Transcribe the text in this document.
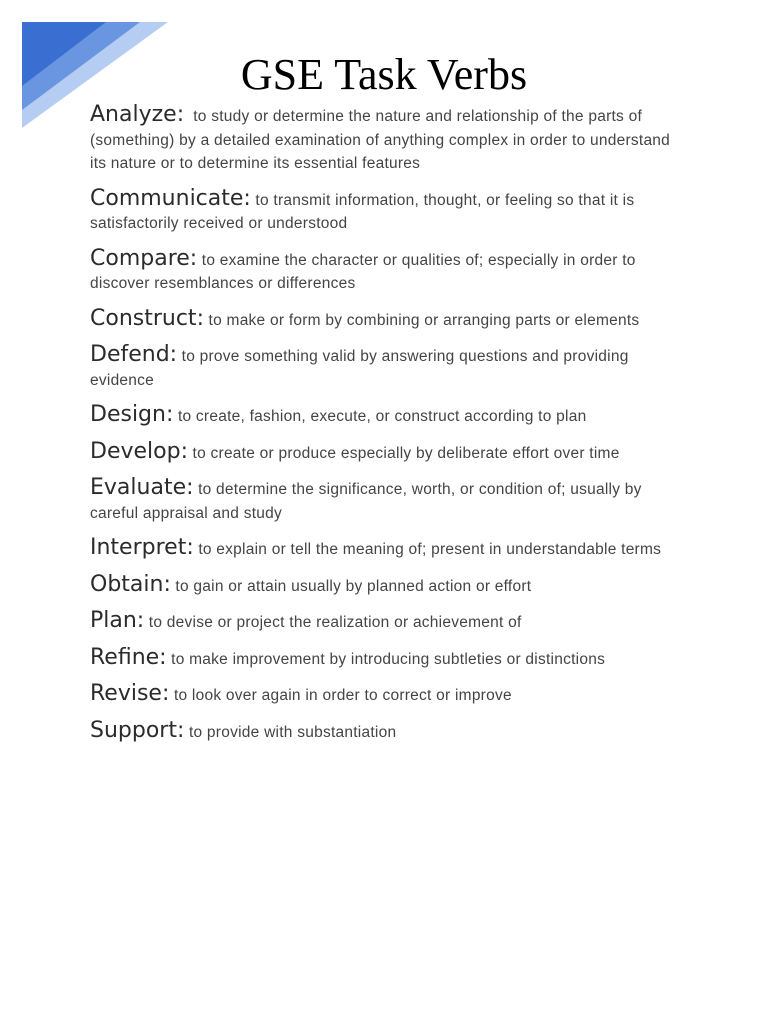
GSE Task Verbs

Analyze: to study or determine the nature and relationship of the parts of (something) by a detailed examination of anything complex in order to understand its nature or to determine its essential features

Communicate: to transmit information, thought, or feeling so that it is satisfactorily received or understood

Compare: to examine the character or qualities of; especially in order to discover resemblances or differences

Construct: to make or form by combining or arranging parts or elements

Defend: to prove something valid by answering questions and providing evidence

Design: to create, fashion, execute, or construct according to plan

Develop: to create or produce especially by deliberate effort over time

Evaluate: to determine the significance, worth, or condition of; usually by careful appraisal and study

Interpret: to explain or tell the meaning of; present in understandable terms

Obtain: to gain or attain usually by planned action or effort

Plan: to devise or project the realization or achievement of

Refine: to make improvement by introducing subtleties or distinctions

Revise: to look over again in order to correct or improve

Support: to provide with substantiation
